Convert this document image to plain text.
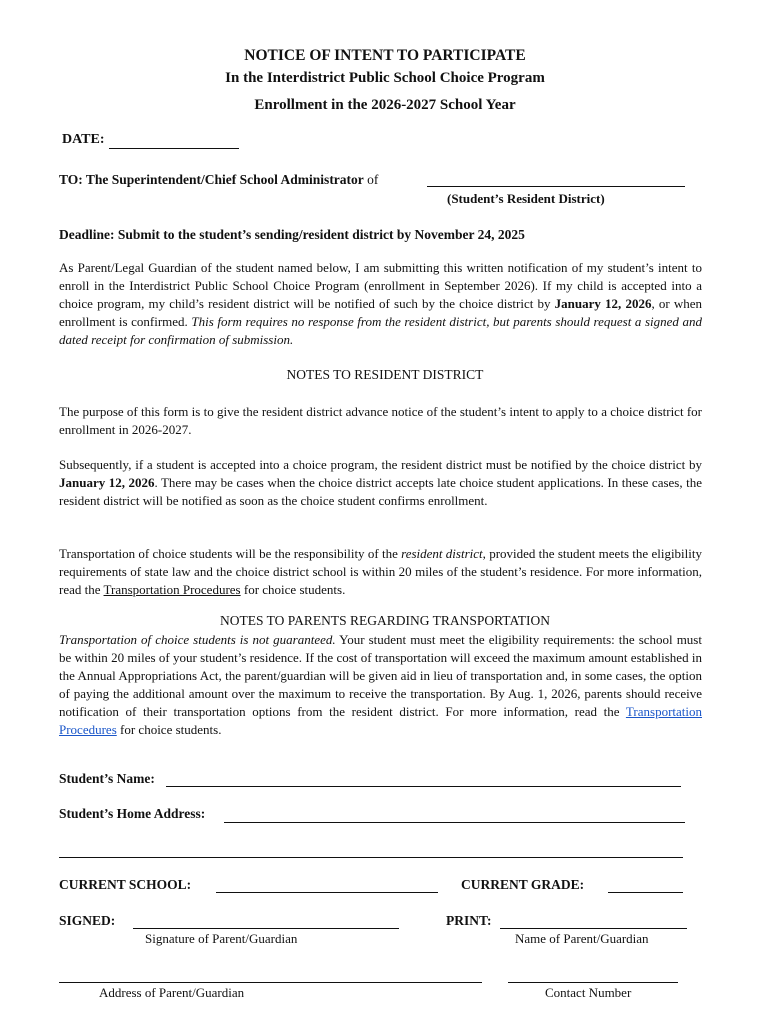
NOTICE OF INTENT TO PARTICIPATE
In the Interdistrict Public School Choice Program
Enrollment in the 2026-2027 School Year
DATE:
TO: The Superintendent/Chief School Administrator of
(Student’s Resident District)
Deadline: Submit to the student’s sending/resident district by November 24, 2025
As Parent/Legal Guardian of the student named below, I am submitting this written notification of my student’s intent to enroll in the Interdistrict Public School Choice Program (enrollment in September 2026). If my child is accepted into a choice program, my child’s resident district will be notified of such by the choice district by January 12, 2026, or when enrollment is confirmed. This form requires no response from the resident district, but parents should request a signed and dated receipt for confirmation of submission.
NOTES TO RESIDENT DISTRICT
The purpose of this form is to give the resident district advance notice of the student’s intent to apply to a choice district for enrollment in 2026-2027.
Subsequently, if a student is accepted into a choice program, the resident district must be notified by the choice district by January 12, 2026. There may be cases when the choice district accepts late choice student applications. In these cases, the resident district will be notified as soon as the choice student confirms enrollment.
Transportation of choice students will be the responsibility of the resident district, provided the student meets the eligibility requirements of state law and the choice district school is within 20 miles of the student’s residence. For more information, read the Transportation Procedures for choice students.
NOTES TO PARENTS REGARDING TRANSPORTATION
Transportation of choice students is not guaranteed. Your student must meet the eligibility requirements: the school must be within 20 miles of your student’s residence. If the cost of transportation will exceed the maximum amount established in the Annual Appropriations Act, the parent/guardian will be given aid in lieu of transportation and, in some cases, the option of paying the additional amount over the maximum to receive the transportation. By Aug. 1, 2026, parents should receive notification of their transportation options from the resident district. For more information, read the Transportation Procedures for choice students.
Student’s Name:
Student’s Home Address:
CURRENT SCHOOL:	CURRENT GRADE:
SIGNED:
Signature of Parent/Guardian
PRINT:
Name of Parent/Guardian
Address of Parent/Guardian	Contact Number
